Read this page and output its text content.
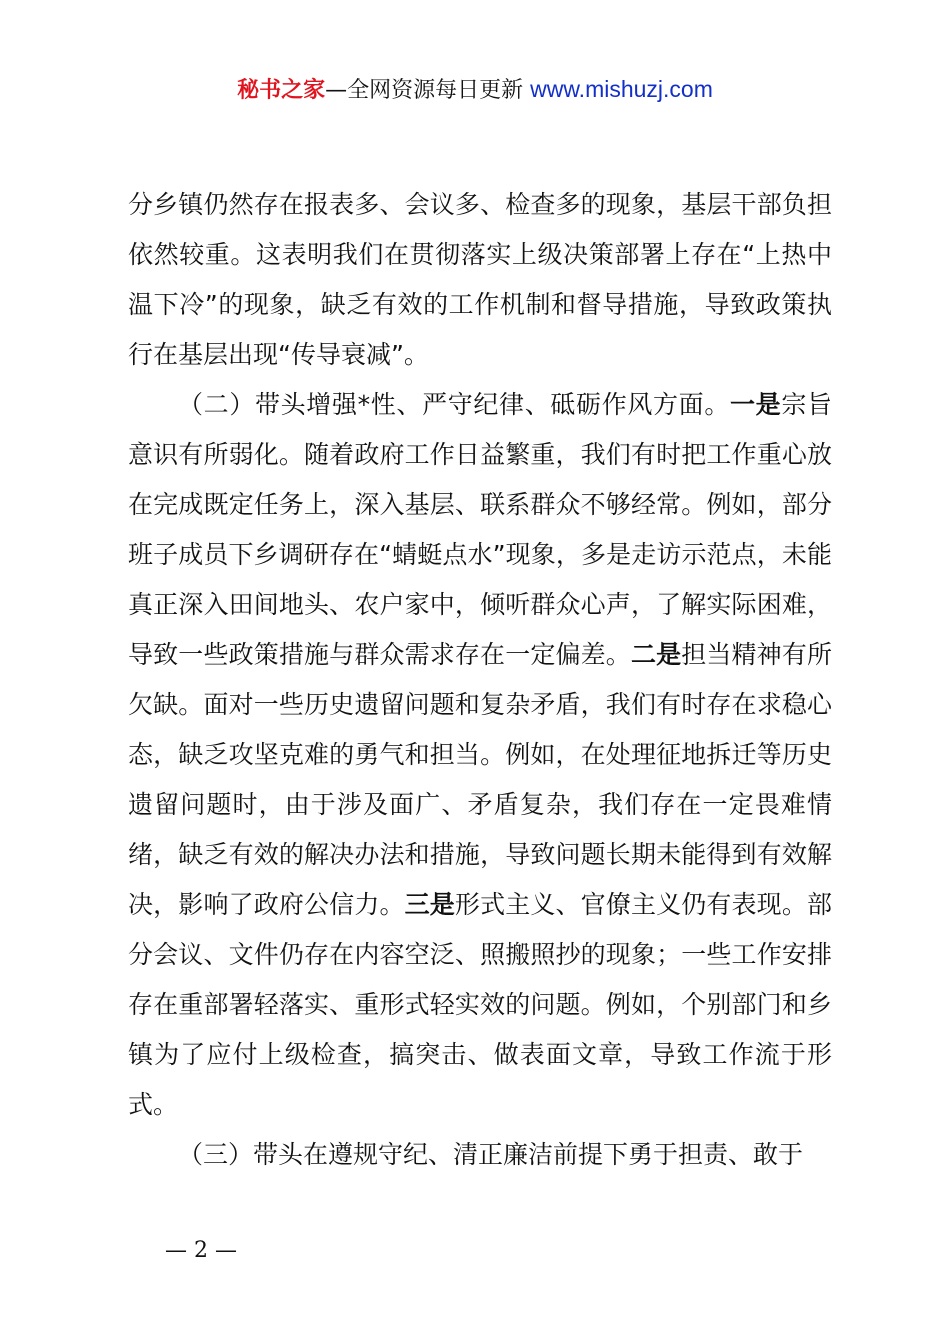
秘书之家—全网资源每日更新 www.mishuzj.com

分乡镇仍然存在报表多、会议多、检查多的现象，基层干部负担依然较重。这表明我们在贯彻落实上级决策部署上存在“上热中温下冷”的现象，缺乏有效的工作机制和督导措施，导致政策执行在基层出现“传导衰减”。

（二）带头增强*性、严守纪律、砥砺作风方面。一是宗旨意识有所弱化。随着政府工作日益繁重，我们有时把工作重心放在完成既定任务上，深入基层、联系群众不够经常。例如，部分班子成员下乡调研存在“蜻蜓点水”现象，多是走访示范点，未能真正深入田间地头、农户家中，倾听群众心声，了解实际困难，导致一些政策措施与群众需求存在一定偏差。二是担当精神有所欠缺。面对一些历史遗留问题和复杂矛盾，我们有时存在求稳心态，缺乏攻坚克难的勇气和担当。例如，在处理征地拆迁等历史遗留问题时，由于涉及面广、矛盾复杂，我们存在一定畏难情绪，缺乏有效的解决办法和措施，导致问题长期未能得到有效解决，影响了政府公信力。三是形式主义、官僚主义仍有表现。部分会议、文件仍存在内容空泛、照搬照抄的现象；一些工作安排存在重部署轻落实、重形式轻实效的问题。例如，个别部门和乡镇为了应付上级检查，搞突击、做表面文章，导致工作流于形式。

（三）带头在遵规守纪、清正廉洁前提下勇于担责、敢于

— 2 —
